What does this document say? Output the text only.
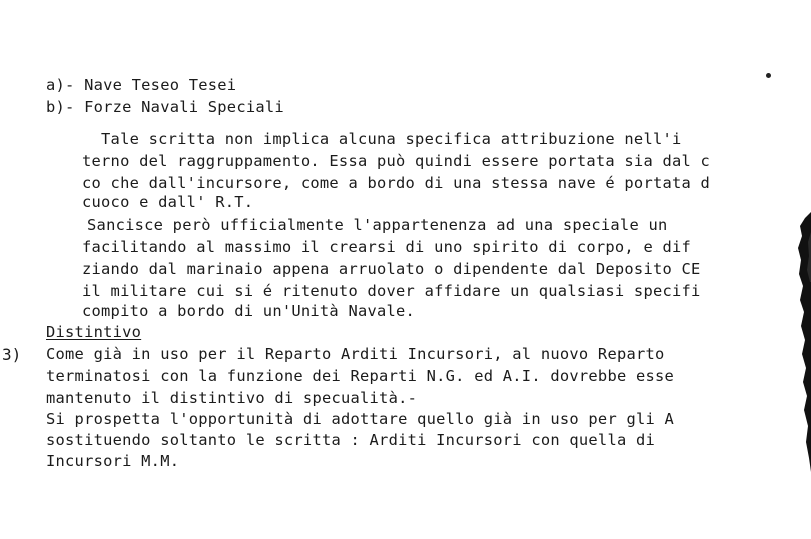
a)- Nave Teseo Tesei
b)- Forze Navali Speciali
Tale scritta non implica alcuna specifica attribuzione nell'i
terno del raggruppamento. Essa può quindi essere portata sia dal c
co che dall'incursore, come a bordo di una stessa nave é portata d
cuoco e dall' R.T.
Sancisce però ufficialmente l'appartenenza ad una speciale un
facilitando al massimo il crearsi di uno spirito di corpo, e dif
ziando dal marinaio appena arruolato o dipendente dal Deposito CE
il militare cui si é ritenuto dover affidare un qualsiasi specifi
compito a bordo di un'Unità Navale.
Distintivo
3) Come già in uso per il Reparto Arditi Incursori, al nuovo Reparto
terminatosi con la funzione dei Reparti N.G. ed A.I. dovrebbe esse
mantenuto il distintivo di specualità.-
Si prospetta l'opportunità di adottare quello già in uso per gli A
sostituendo soltanto le scritta : Arditi Incursori con quella di
Incursori M.M.
